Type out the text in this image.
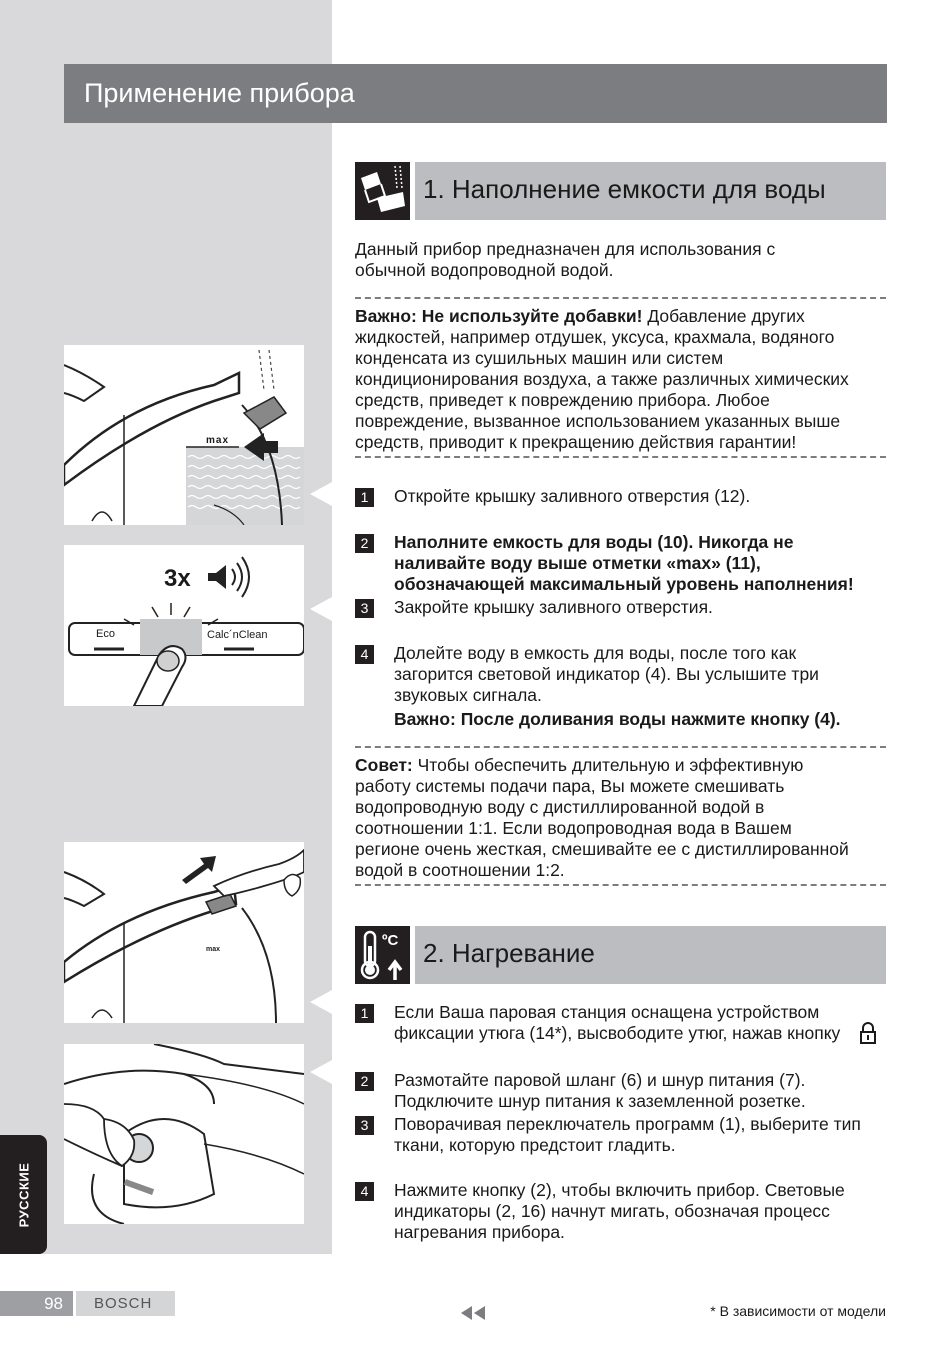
Применение прибора
1. Наполнение емкости для воды
Данный прибор предназначен для использования с обычной водопроводной водой.
Важно: Не используйте добавки! Добавление других жидкостей, например отдушек, уксуса, крахмала, водяного конденсата из сушильных машин или систем кондиционирования воздуха, а также различных химических средств, приведет к повреждению прибора. Любое повреждение, вызванное использованием указанных выше средств, приводит к прекращению действия гарантии!
1	Откройте крышку заливного отверстия (12).
2	Наполните емкость для воды (10). Никогда не наливайте воду выше отметки «max» (11), обозначающей максимальный уровень наполнения!
3	Закройте крышку заливного отверстия.
4	Долейте воду в емкость для воды, после того как загорится световой индикатор (4). Вы услышите три звуковых сигнала.
Важно: После доливания воды нажмите кнопку (4).
Совет: Чтобы обеспечить длительную и эффективную работу системы подачи пара, Вы можете смешивать водопроводную воду с дистиллированной водой в соотношении 1:1. Если водопроводная вода в Вашем регионе очень жесткая, смешивайте ее с дистиллированной водой в соотношении 1:2.
ºC 2. Нагревание
1	Если Ваша паровая станция оснащена устройством фиксации утюга (14*), высвободите утюг, нажав кнопку
2	Размотайте паровой шланг (6) и шнур питания (7). Подключите шнур питания к заземленной розетке.
3	Поворачивая переключатель программ (1), выберите тип ткани, которую предстоит гладить.
4	Нажмите кнопку (2), чтобы включить прибор. Световые индикаторы (2, 16) начнут мигать, обозначая процесс нагревания прибора.
max
3x
Eco	Calc´nClean
max
РУССКИЕ
98	BOSCH	* В зависимости от модели
